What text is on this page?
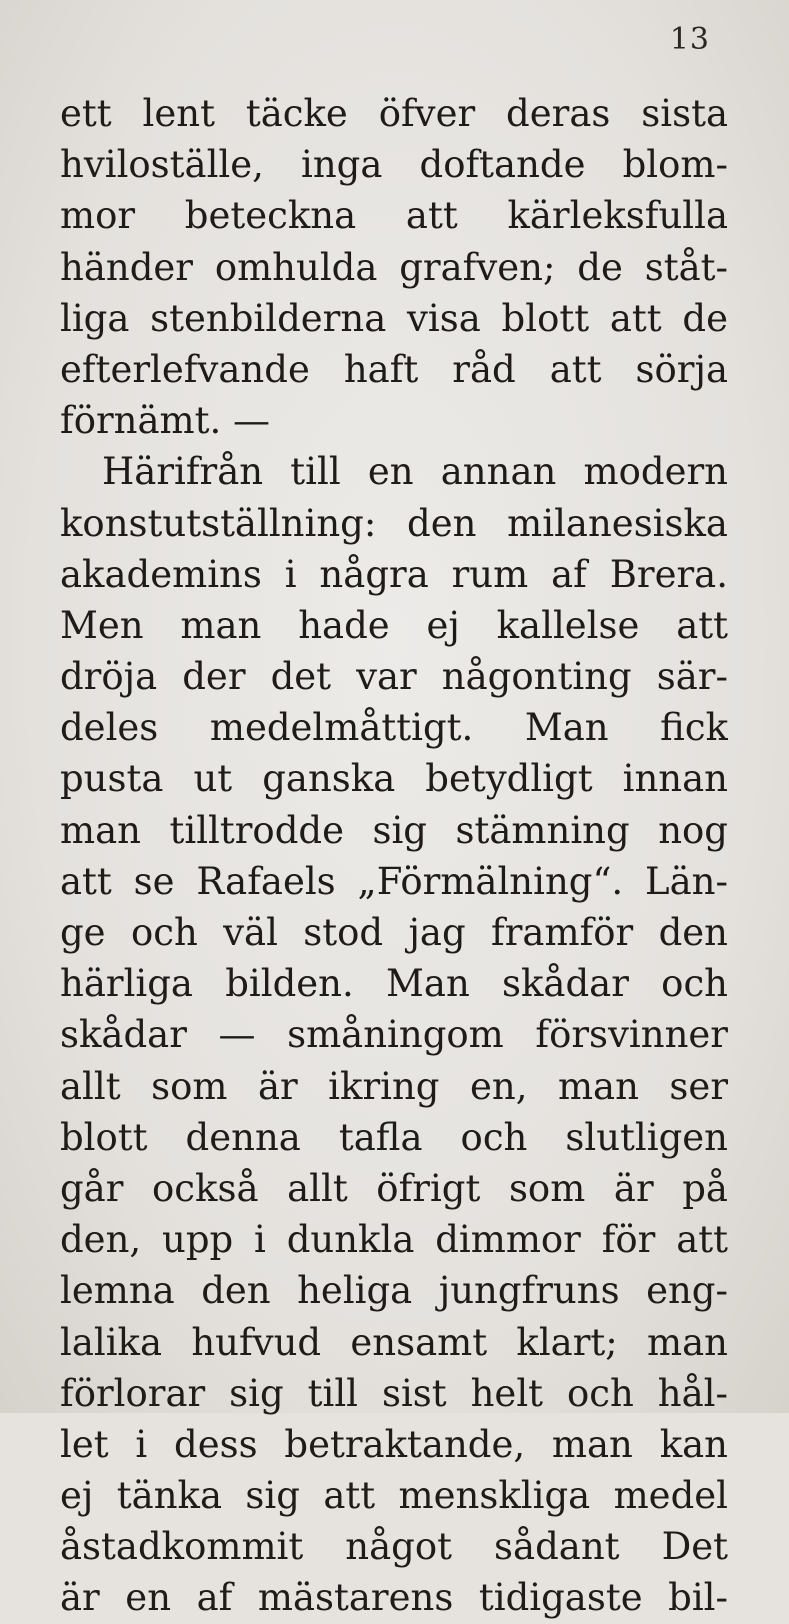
13
ett lent täcke öfver deras sista
hviloställe, inga doftande blom-
mor beteckna att kärleksfulla
händer omhulda grafven; de ståt-
liga stenbilderna visa blott att de
efterlefvande haft råd att sörja
förnämt. —
Härifrån till en annan modern
konstutställning: den milanesiska
akademins i några rum af Brera.
Men man hade ej kallelse att
dröja der det var någonting sär-
deles medelmåttigt. Man fick
pusta ut ganska betydligt innan
man tilltrodde sig stämning nog
att se Rafaels „Förmälning“. Län-
ge och väl stod jag framför den
härliga bilden. Man skådar och
skådar — småningom försvinner
allt som är ikring en, man ser
blott denna tafla och slutligen
går också allt öfrigt som är på
den, upp i dunkla dimmor för att
lemna den heliga jungfruns eng-
lalika hufvud ensamt klart; man
förlorar sig till sist helt och hål-
let i dess betraktande, man kan
ej tänka sig att menskliga medel
åstadkommit något sådant Det
är en af mästarens tidigaste bil-
